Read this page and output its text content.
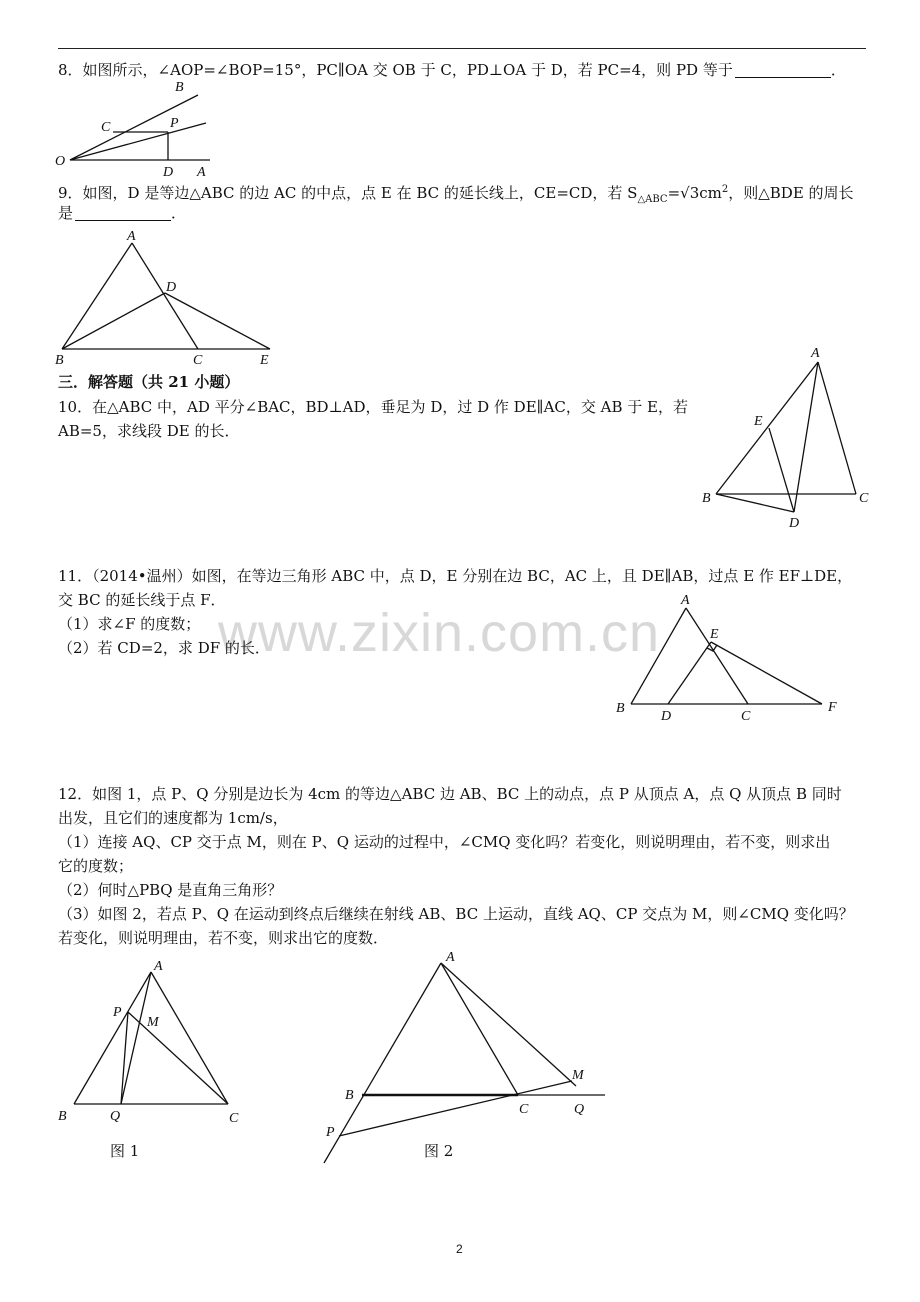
www.zixin.com.cn
8．如图所示，∠AOP=∠BOP=15°，PC∥OA 交 OB 于 C，PD⊥OA 于 D，若 PC=4，则 PD 等于	．
9．如图，D 是等边△ABC 的边 AC 的中点，点 E 在 BC 的延长线上，CE=CD，若 $S_{\triangle ABC}=√3cm^2$，则△BDE 的周长
是	．
三．解答题（共 21 小题）
10．在△ABC 中，AD 平分∠BAC，BD⊥AD，垂足为 D，过 D 作 DE∥AC，交 AB 于 E，若
AB=5，求线段 DE 的长．
11．（2014•温州）如图，在等边三角形 ABC 中，点 D，E 分别在边 BC，AC 上，且 DE∥AB，过点 E 作 EF⊥DE，
交 BC 的延长线于点 F．
（1）求∠F 的度数；
（2）若 CD=2，求 DF 的长．
12．如图 1，点 P、Q 分别是边长为 4cm 的等边△ABC 边 AB、BC 上的动点，点 P 从顶点 A，点 Q 从顶点 B 同时
出发，且它们的速度都为 1cm/s，
（1）连接 AQ、CP 交于点 M，则在 P、Q 运动的过程中，∠CMQ 变化吗？若变化，则说明理由，若不变，则求出
它的度数；
（2）何时△PBQ 是直角三角形？
（3）如图 2，若点 P、Q 在运动到终点后继续在射线 AB、BC 上运动，直线 AQ、CP 交点为 M，则∠CMQ 变化吗？
若变化，则说明理由，若不变，则求出它的度数．
图 1	图 2
2
B
C	P
O
D A
A
D
B	C	E	A
E
B	C
D
A
E
B
D	C
F
A
P
M
B	Q	C
A
M
B
C	Q
P
